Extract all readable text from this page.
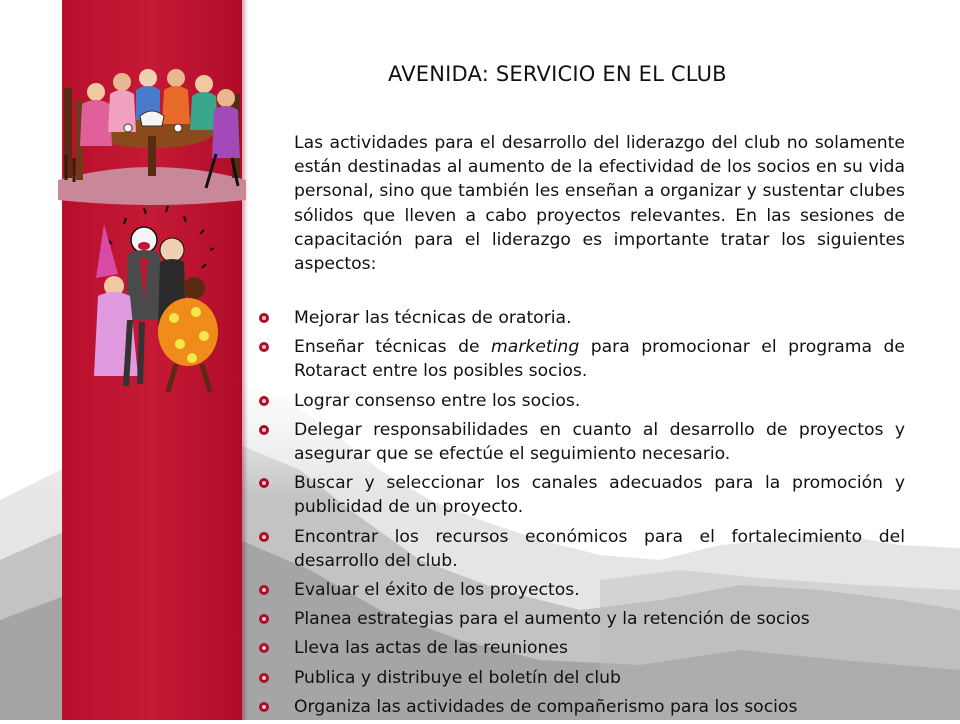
AVENIDA: SERVICIO EN EL CLUB

Las actividades para el desarrollo del liderazgo del club no solamente están destinadas al aumento de la efectividad de los socios en su vida personal, sino que también les enseñan a organizar y sustentar clubes sólidos que lleven a cabo proyectos relevantes. En las sesiones de capacitación para el liderazgo es importante tratar los siguientes aspectos:

Mejorar las técnicas de oratoria.
Enseñar técnicas de marketing para promocionar el programa de Rotaract entre los posibles socios.
Lograr consenso entre los socios.
Delegar responsabilidades en cuanto al desarrollo de proyectos y asegurar que se efectúe el seguimiento necesario.
Buscar y seleccionar los canales adecuados para la promoción y publicidad de un proyecto.
Encontrar los recursos económicos para el fortalecimiento del desarrollo del club.
Evaluar el éxito de los proyectos.
Planea estrategias para el aumento y la retención de socios
Lleva las actas de las reuniones
Publica y distribuye el boletín del club
Organiza las actividades de compañerismo para los socios
